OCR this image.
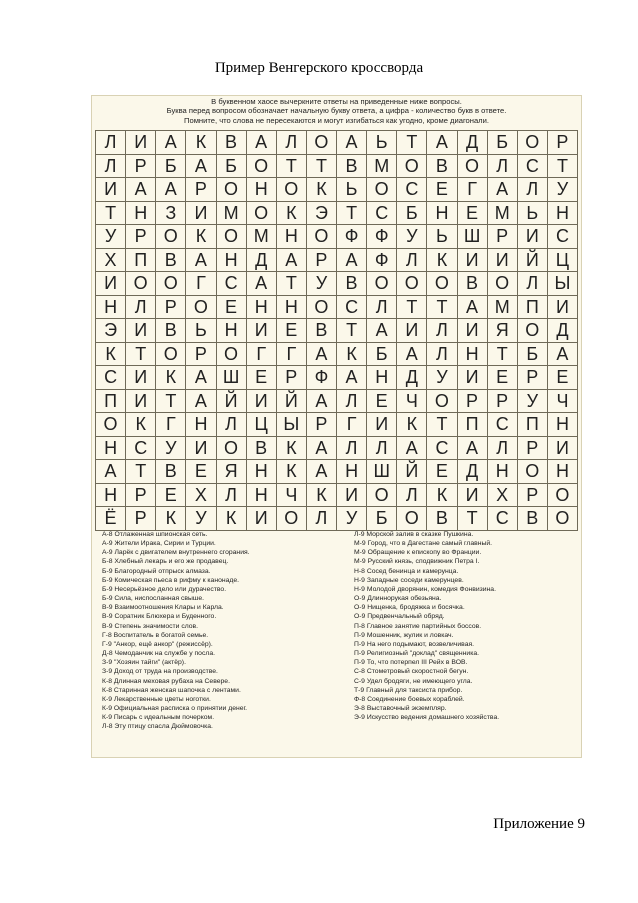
Пример Венгерского кроссворда
В буквенном хаосе вычеркните ответы на приведенные ниже вопросы.
Буква перед вопросом обозначает начальную букву ответа, а цифра - количество букв в ответе.
Помните, что слова не пересекаются и могут изгибаться как угодно, кроме диагонали.
Л И А	К	В	А	Л О А	Ь	Т	А	Д	Б О Р
Л	Р	Б	А	Б О Т	Т	В М О В О Л С	Т
И А	А	Р О Н О К	Ь О С Е	Г	А	Л	У
Т	Н	З	И М О К	Э	Т	С Б Н Е М Ь Н
У	Р О К О М Н О Ф Ф У	Ь Ш Р И С
Х П В	А Н Д	А	Р	А Ф Л	К	И И Й Ц
И О О	Г	С А	Т	У	В О О О В О Л Ы
Н Л	Р О Е Н Н О С Л	Т	Т	А М П И
Э И В	Ь Н И Е	В	Т	А И Л И Я О Д
К	Т О Р О	Г	Г	А	К	Б	А	Л Н	Т	Б	А
С И	К	А Ш Е	Р Ф А Н Д	У И Е	Р	Е
П И	Т	А Й И Й А	Л	Е	Ч О Р	Р	У	Ч
О К	Г	Н Л Ц Ы Р	Г	И	К	Т	П С П Н
Н С У И О В	К	А	Л	Л	А С А	Л	Р И
А	Т	В	Е Я Н	К	А Н Ш Й Е	Д Н О Н
Н Р	Е	Х	Л Н Ч	К	И О Л	К	И Х	Р О
Ё	Р	К	У	К	И О Л	У	Б О В	Т	С В О
А-8 Отлаженная шпионская сеть.
А-9 Жители Ирака, Сирии и Турции.
А-9 Ларёк с двигателем внутреннего сгорания.
Б-8 Хлебный лекарь и его же продавец.
Б-9 Благородный отпрыск алмаза.
Б-9 Комическая пьеса в рифму к канонаде.
Б-9 Несерьёзное дело или дурачество.
Б-9 Сила, ниспосланная свыше.
В-9 Взаимоотношения Клары и Карла.
В-9 Соратник Блюхера и Буденного.
В-9 Степень значимости слов.
Г-8 Воспитатель в богатой семье.
Г-9 "Анкор, ещё анкор" (режиссёр).
Д-8 Чемоданчик на службе у посла.
З-9 "Хозяин тайги" (актёр).
З-9 Доход от труда на производстве.
К-8 Длинная меховая рубаха на Севере.
К-8 Старинная женская шапочка с лентами.
К-9 Лекарственные цветы ноготки.
К-9 Официальная расписка о принятии денег.
К-9 Писарь с идеальным почерком.
Л-8 Эту птицу спасла Дюймовочка.
Л-9 Морской залив в сказке Пушкина.
М-9 Город, что в Дагестане самый главный.
М-9 Обращение к епископу во Франции.
М-9 Русский князь, сподвижник Петра I.
Н-8 Сосед бенинца и камерунца.
Н-9 Западные соседи камерунцев.
Н-9 Молодой дворянин, комедия Фонвизина.
О-9 Длиннорукая обезьяна.
О-9 Нищенка, бродяжка и босячка.
О-9 Предвенчальный обряд.
П-8 Главное занятие партийных боссов.
П-9 Мошенник, жулик и ловкач.
П-9 На него подымают, возвеличивая.
П-9 Религиозный "доклад" священника.
П-9 То, что потерпел III Рейх в ВОВ.
С-8 Стометровый скоростной бегун.
С-9 Удел бродяги, не имеющего угла.
Т-9 Главный для таксиста прибор.
Ф-8 Соединение боевых кораблей.
Э-8 Выставочный экземпляр.
Э-9 Искусство ведения домашнего хозяйства.
Приложение 9
